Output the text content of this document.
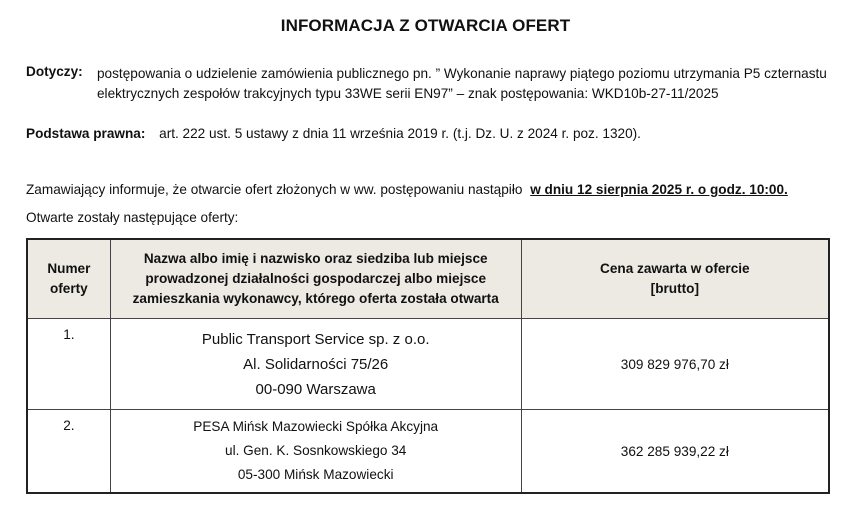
INFORMACJA Z OTWARCIA OFERT
Dotyczy: postępowania o udzielenie zamówienia publicznego pn. ” Wykonanie naprawy piątego poziomu utrzymania P5 czternastu
elektrycznych zespołów trakcyjnych typu 33WE serii EN97” – znak postępowania: WKD10b-27-11/2025
Podstawa prawna: art. 222 ust. 5 ustawy z dnia 11 września 2019 r. (t.j. Dz. U. z 2024 r. poz. 1320).
Zamawiający informuje, że otwarcie ofert złożonych w ww. postępowaniu nastąpiło w dniu 12 sierpnia 2025 r. o godz. 10:00.
Otwarte zostały następujące oferty:
Numer
oferty	Nazwa albo imię i nazwisko oraz siedziba lub miejsce
prowadzonej działalności gospodarczej albo miejsce
zamieszkania wykonawcy, którego oferta została otwarta	Cena zawarta w ofercie
[brutto]

1.	Public Transport Service sp. z o.o.
Al. Solidarności 75/26
00-090 Warszawa	309 829 976,70 zł
2.	PESA Mińsk Mazowiecki Spółka Akcyjna
ul. Gen. K. Sosnkowskiego 34
05-300 Mińsk Mazowiecki	362 285 939,22 zł
